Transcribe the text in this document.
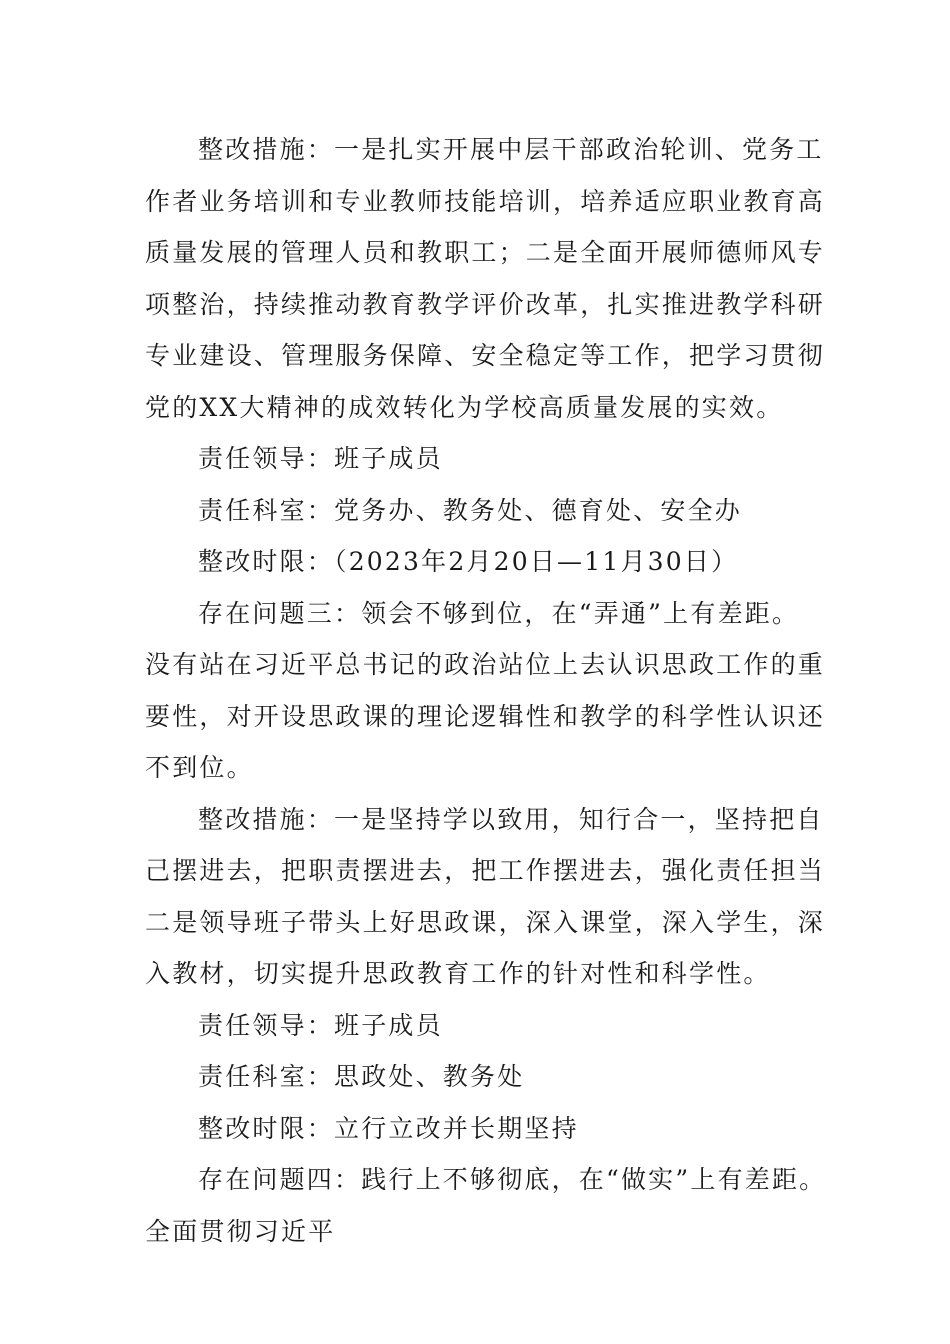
整改措施：一是扎实开展中层干部政治轮训、党务工
作者业务培训和专业教师技能培训，培养适应职业教育高
质量发展的管理人员和教职工；二是全面开展师德师风专
项整治，持续推动教育教学评价改革，扎实推进教学科研
专业建设、管理服务保障、安全稳定等工作，把学习贯彻
党的XX大精神的成效转化为学校高质量发展的实效。
责任领导：班子成员
责任科室：党务办、教务处、德育处、安全办
整改时限：（2023年2月20日—11月30日）
存在问题三：领会不够到位，在“弄通”上有差距。
没有站在习近平总书记的政治站位上去认识思政工作的重
要性，对开设思政课的理论逻辑性和教学的科学性认识还
不到位。
整改措施：一是坚持学以致用，知行合一，坚持把自
己摆进去，把职责摆进去，把工作摆进去，强化责任担当
二是领导班子带头上好思政课，深入课堂，深入学生，深
入教材，切实提升思政教育工作的针对性和科学性。
责任领导：班子成员
责任科室：思政处、教务处
整改时限：立行立改并长期坚持
存在问题四：践行上不够彻底，在“做实”上有差距。
全面贯彻习近平
